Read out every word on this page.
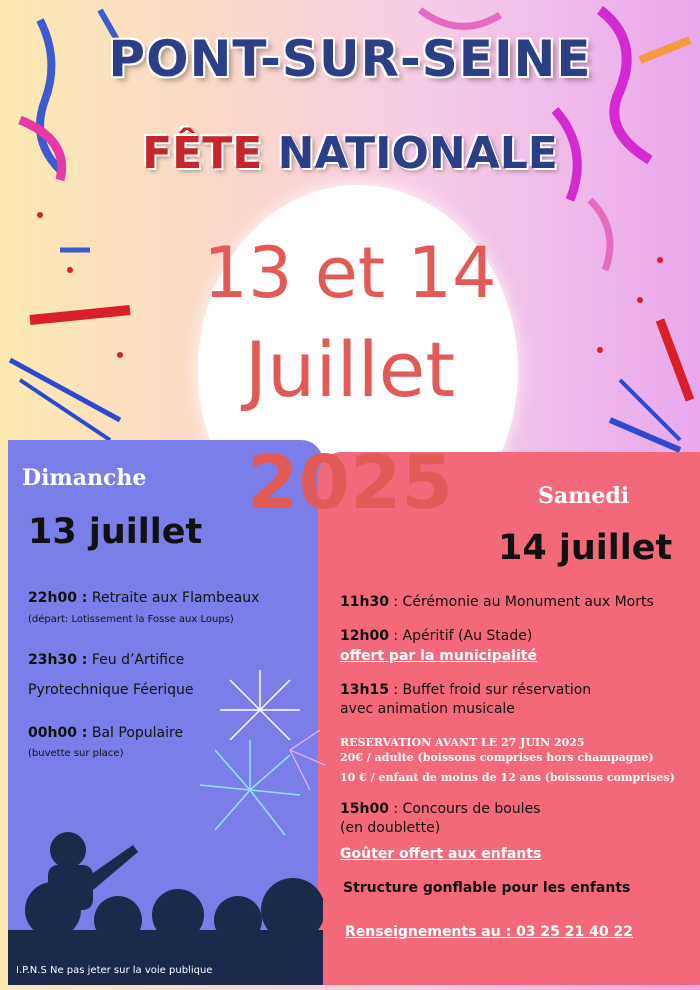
PONT-SUR-SEINE
FÊTE NATIONALE
13 et 14
Juillet
2025
Dimanche
13 juillet
22h00 : Retraite aux Flambeaux
(départ: Lotissement la Fosse aux Loups)
23h30 : Feu d’Artifice
Pyrotechnique Féerique
00h00 : Bal Populaire
(buvette sur place)
Samedi
14 juillet
11h30 : Cérémonie au Monument aux Morts
12h00 : Apéritif (Au Stade)
offert par la municipalité
13h15 : Buffet froid sur réservation
avec animation musicale
RESERVATION AVANT LE 27 JUIN 2025
20€ / adulte (boissons comprises hors champagne)
10 € / enfant de moins de 12 ans (boissons comprises)
15h00 : Concours de boules
(en doublette)
Goûter offert aux enfants
Structure gonflable pour les enfants
Renseignements au : 03 25 21 40 22
I.P.N.S Ne pas jeter sur la voie publique
